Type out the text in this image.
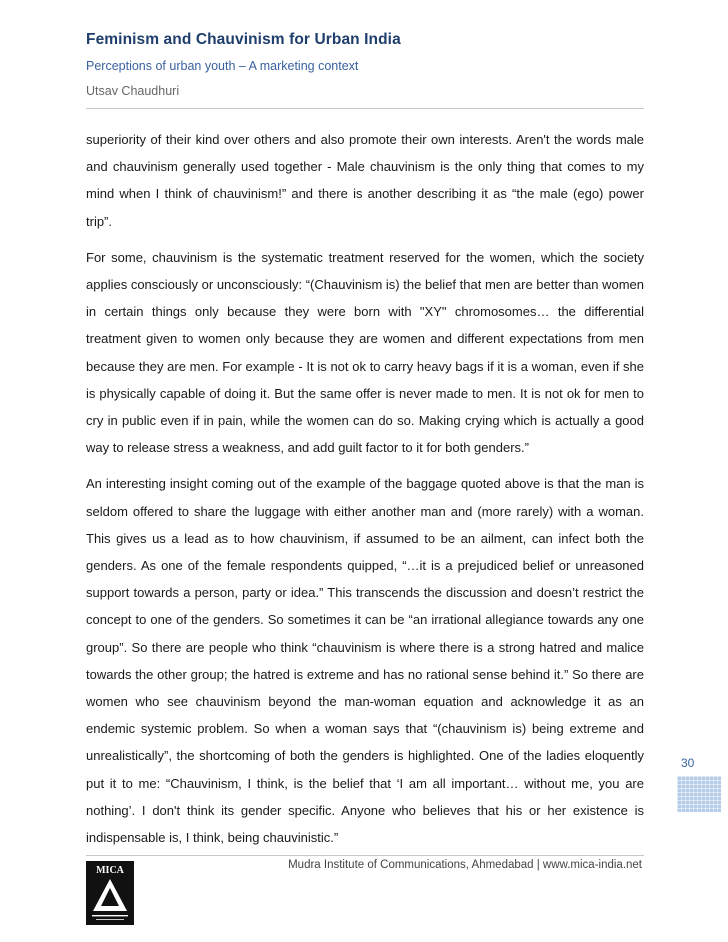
Feminism and Chauvinism for Urban India
Perceptions of urban youth – A marketing context
Utsav Chaudhuri

superiority of their kind over others and also promote their own interests. Aren't the words male and chauvinism generally used together - Male chauvinism is the only thing that comes to my mind when I think of chauvinism!” and there is another describing it as “the male (ego) power trip”.

For some, chauvinism is the systematic treatment reserved for the women, which the society applies consciously or unconsciously: “(Chauvinism is) the belief that men are better than women in certain things only because they were born with "XY" chromosomes… the differential treatment given to women only because they are women and different expectations from men because they are men. For example - It is not ok to carry heavy bags if it is a woman, even if she is physically capable of doing it. But the same offer is never made to men. It is not ok for men to cry in public even if in pain, while the women can do so. Making crying which is actually a good way to release stress a weakness, and add guilt factor to it for both genders.”

An interesting insight coming out of the example of the baggage quoted above is that the man is seldom offered to share the luggage with either another man and (more rarely) with a woman. This gives us a lead as to how chauvinism, if assumed to be an ailment, can infect both the genders. As one of the female respondents quipped, “…it is a prejudiced belief or unreasoned support towards a person, party or idea.” This transcends the discussion and doesn’t restrict the concept to one of the genders. So sometimes it can be “an irrational allegiance towards any one group”. So there are people who think “chauvinism is where there is a strong hatred and malice towards the other group; the hatred is extreme and has no rational sense behind it.” So there are women who see chauvinism beyond the man-woman equation and acknowledge it as an endemic systemic problem. So when a woman says that “(chauvinism is) being extreme and unrealistically”, the shortcoming of both the genders is highlighted. One of the ladies eloquently put it to me: “Chauvinism, I think, is the belief that ‘I am all important… without me, you are nothing’. I don't think its gender specific. Anyone who believes that his or her existence is indispensable is, I think, being chauvinistic.”

30
Mudra Institute of Communications, Ahmedabad | www.mica-india.net
MICA
